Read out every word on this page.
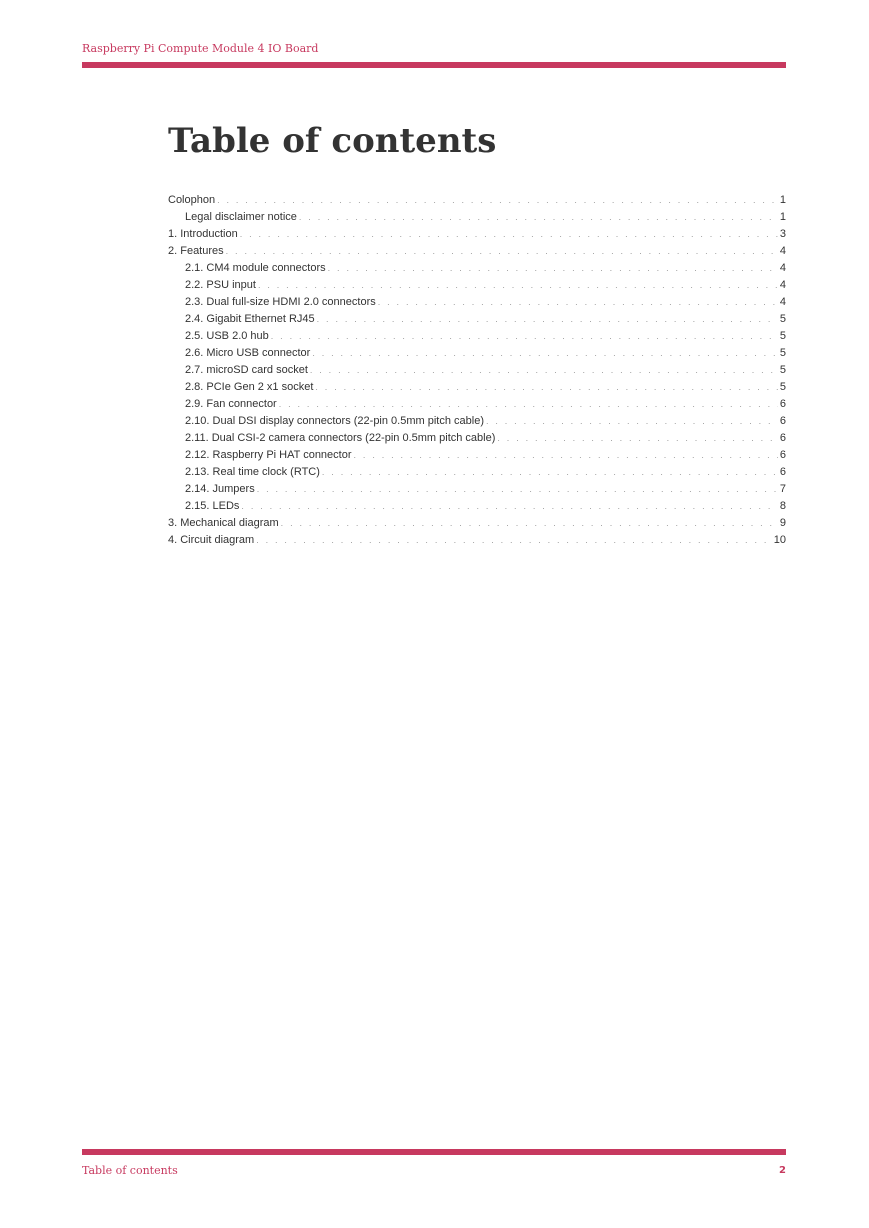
Raspberry Pi Compute Module 4 IO Board
Table of contents
Colophon . . .	1
Legal disclaimer notice . . .	1
1. Introduction . . .	3
2. Features . . .	4
2.1. CM4 module connectors . . .	4
2.2. PSU input . . .	4
2.3. Dual full-size HDMI 2.0 connectors . . .	4
2.4. Gigabit Ethernet RJ45 . . .	5
2.5. USB 2.0 hub . . .	5
2.6. Micro USB connector . . .	5
2.7. microSD card socket . . .	5
2.8. PCIe Gen 2 x1 socket . . .	5
2.9. Fan connector . . .	6
2.10. Dual DSI display connectors (22-pin 0.5mm pitch cable) . . .	6
2.11. Dual CSI-2 camera connectors (22-pin 0.5mm pitch cable) . . .	6
2.12. Raspberry Pi HAT connector . . .	6
2.13. Real time clock (RTC) . . .	6
2.14. Jumpers . . .	7
2.15. LEDs . . .	8
3. Mechanical diagram . . .	9
4. Circuit diagram . . .	10
Table of contents	2
